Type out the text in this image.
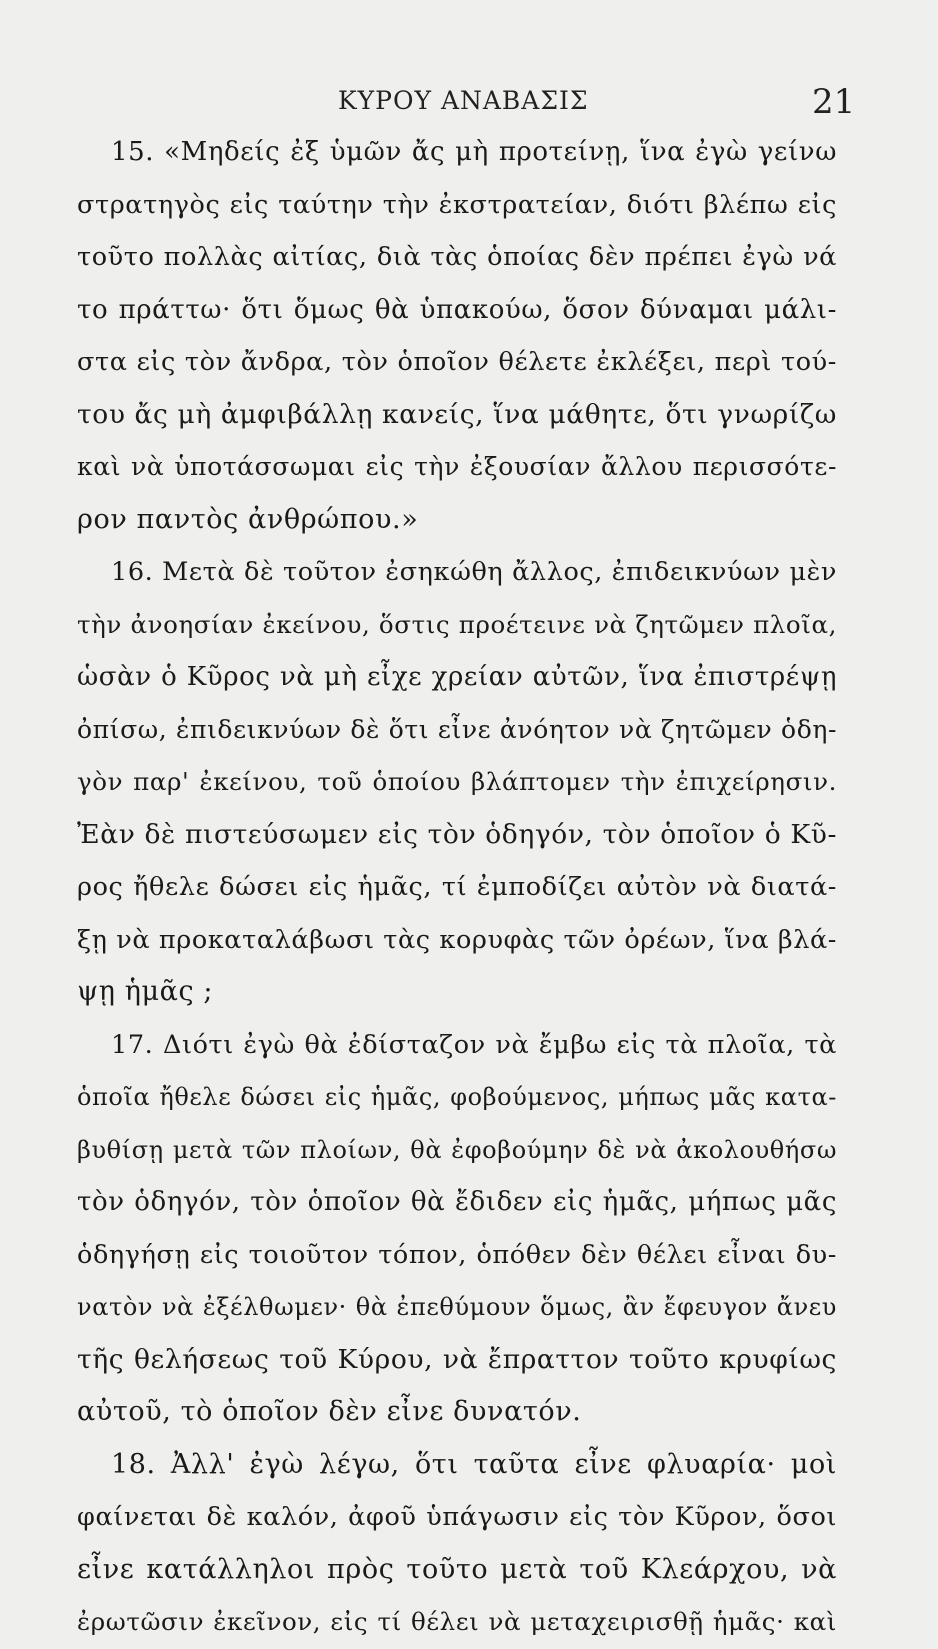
ΚΥΡΟΥ ΑΝΑΒΑΣΙΣ	21
15. «Μηδείς ἐξ ὑμῶν ἄς μὴ προτείνῃ, ἵνα ἐγὼ γείνω
στρατηγὸς εἰς ταύτην τὴν ἐκστρατείαν, διότι βλέπω εἰς
τοῦτο πολλὰς αἰτίας, διὰ τὰς ὁποίας δὲν πρέπει ἐγὼ νά
το πράττω· ὅτι ὅμως θὰ ὑπακούω, ὅσον δύναμαι μάλι-
στα εἰς τὸν ἄνδρα, τὸν ὁποῖον θέλετε ἐκλέξει, περὶ τού-
του ἄς μὴ ἀμφιβάλλῃ κανείς, ἵνα μάθητε, ὅτι γνωρίζω
καὶ νὰ ὑποτάσσωμαι εἰς τὴν ἐξουσίαν ἄλλου περισσότε-
ρον παντὸς ἀνθρώπου.»
16. Μετὰ δὲ τοῦτον ἐσηκώθη ἄλλος, ἐπιδεικνύων μὲν
τὴν ἀνοησίαν ἐκείνου, ὅστις προέτεινε νὰ ζητῶμεν πλοῖα,
ὡσὰν ὁ Κῦρος νὰ μὴ εἶχε χρείαν αὐτῶν, ἵνα ἐπιστρέψῃ
ὀπίσω, ἐπιδεικνύων δὲ ὅτι εἶνε ἀνόητον νὰ ζητῶμεν ὁδη-
γὸν παρ' ἐκείνου, τοῦ ὁποίου βλάπτομεν τὴν ἐπιχείρησιν.
Ἐὰν δὲ πιστεύσωμεν εἰς τὸν ὁδηγόν, τὸν ὁποῖον ὁ Κῦ-
ρος ἤθελε δώσει εἰς ἡμᾶς, τί ἐμποδίζει αὐτὸν νὰ διατά-
ξῃ νὰ προκαταλάβωσι τὰς κορυφὰς τῶν ὀρέων, ἵνα βλά-
ψῃ ἡμᾶς ;
17. Διότι ἐγὼ θὰ ἐδίσταζον νὰ ἔμβω εἰς τὰ πλοῖα, τὰ
ὁποῖα ἤθελε δώσει εἰς ἡμᾶς, φοβούμενος, μήπως μᾶς κατα-
βυθίσῃ μετὰ τῶν πλοίων, θὰ ἐφοβούμην δὲ νὰ ἀκολουθήσω
τὸν ὁδηγόν, τὸν ὁποῖον θὰ ἔδιδεν εἰς ἡμᾶς, μήπως μᾶς
ὁδηγήσῃ εἰς τοιοῦτον τόπον, ὁπόθεν δὲν θέλει εἶναι δυ-
νατὸν νὰ ἐξέλθωμεν· θὰ ἐπεθύμουν ὅμως, ἂν ἔφευγον ἄνευ
τῆς θελήσεως τοῦ Κύρου, νὰ ἔπραττον τοῦτο κρυφίως
αὐτοῦ, τὸ ὁποῖον δὲν εἶνε δυνατόν.
18. Ἀλλ' ἐγὼ λέγω, ὅτι ταῦτα εἶνε φλυαρία· μοὶ
φαίνεται δὲ καλόν, ἀφοῦ ὑπάγωσιν εἰς τὸν Κῦρον, ὅσοι
εἶνε κατάλληλοι πρὸς τοῦτο μετὰ τοῦ Κλεάρχου, νὰ
ἐρωτῶσιν ἐκεῖνον, εἰς τί θέλει νὰ μεταχειρισθῇ ἡμᾶς· καὶ
